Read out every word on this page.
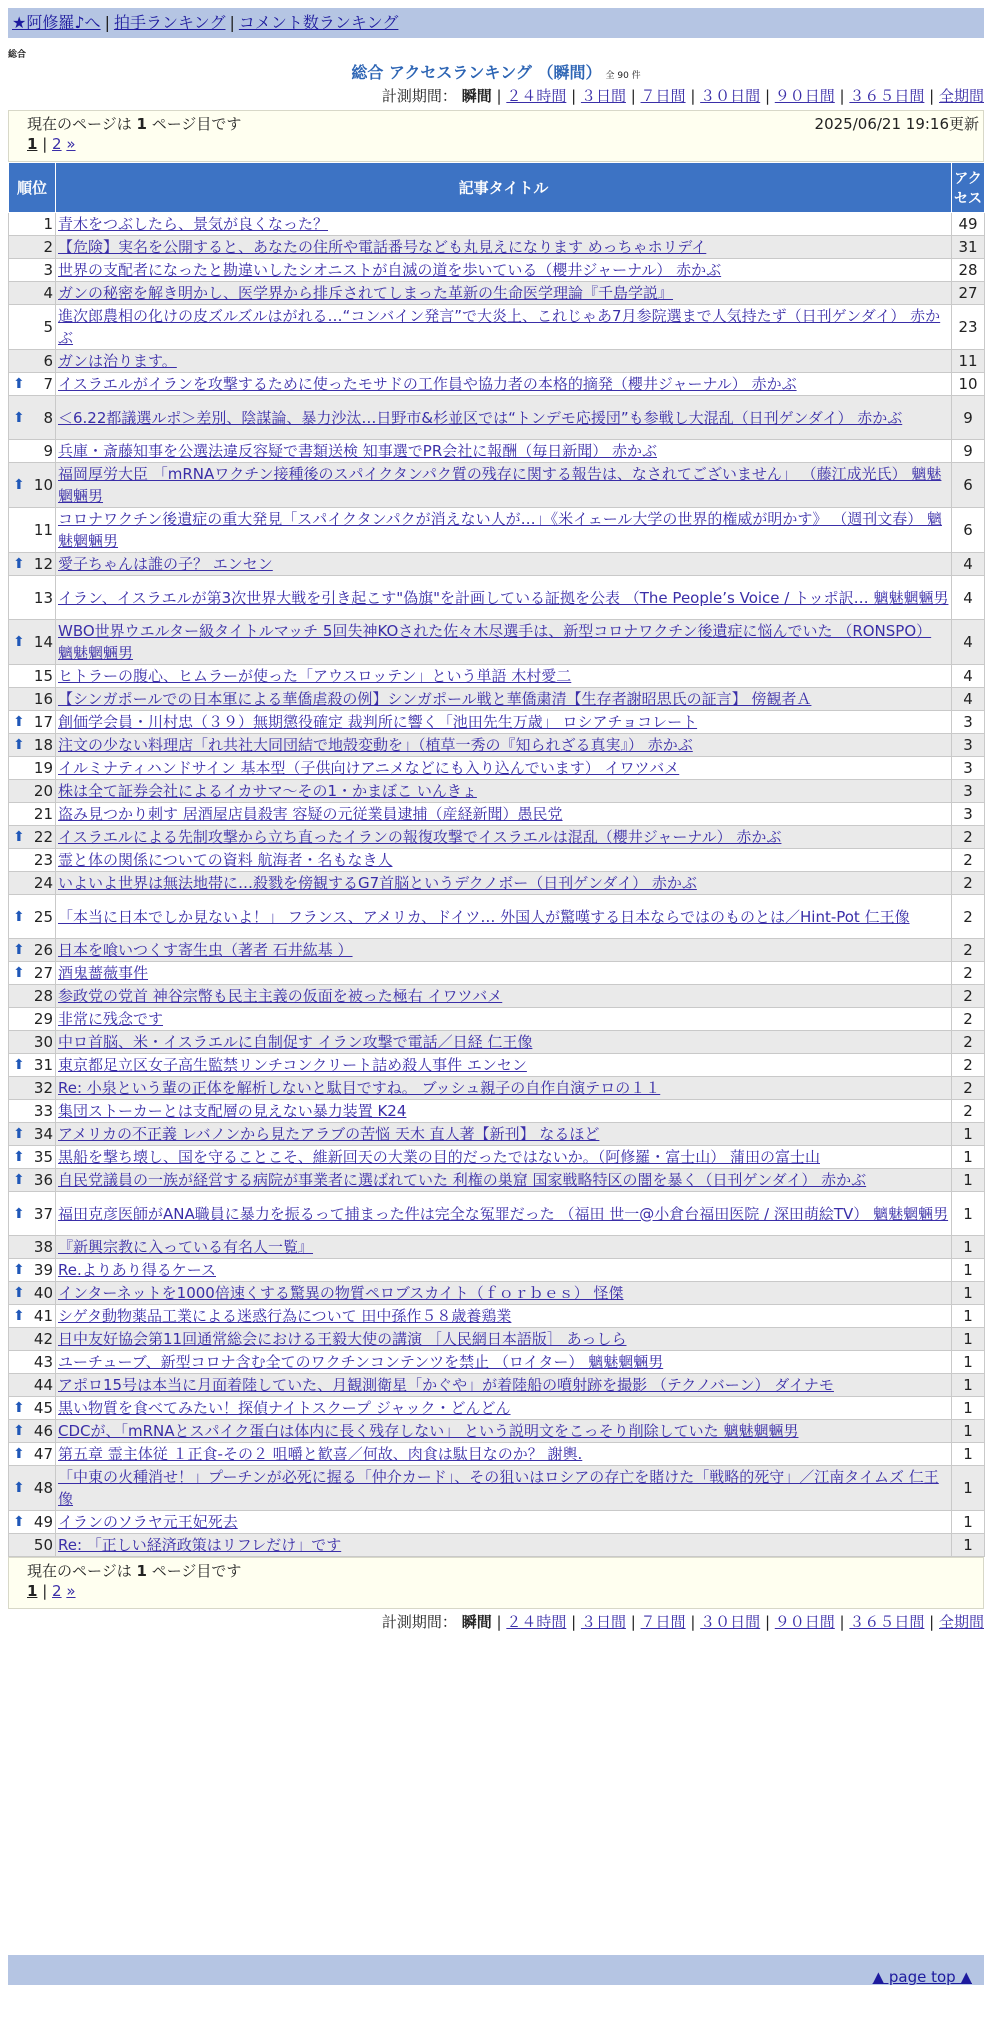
★阿修羅♪へ | 拍手ランキング | コメント数ランキング
総合
総合 アクセスランキング （瞬間） 全 90 件
計測期間： 瞬間 | ２４時間 | ３日間 | ７日間 | ３０日間 | ９０日間 | ３６５日間 | 全期間
現在のページは 1 ページ目です	2025/06/21 19:16更新
1 | 2 »
順位	記事タイトル	アクセス
1	青木をつぶしたら、景気が良くなった？	49
2	【危険】実名を公開すると、あなたの住所や電話番号なども丸見えになります めっちゃホリデイ	31
3	世界の支配者になったと勘違いしたシオニストが自滅の道を歩いている（櫻井ジャーナル） 赤かぶ	28
4	ガンの秘密を解き明かし、医学界から排斥されてしまった革新の生命医学理論『千島学説』	27
5	進次郎農相の化けの皮ズルズルはがれる…“コンバイン発言”で大炎上、これじゃあ7月参院選まで人気持たず（日刊ゲンダイ） 赤かぶ	23
6	ガンは治ります。	11

⬆ 7	イスラエルがイランを攻撃するために使ったモサドの工作員や協力者の本格的摘発（櫻井ジャーナル） 赤かぶ	10

⬆ 8	＜6.22都議選ルポ＞差別、陰謀論、暴力沙汰…日野市&杉並区では“トンデモ応援団”も参戦し大混乱（日刊ゲンダイ） 赤かぶ	9
9	兵庫・斎藤知事を公選法違反容疑で書類送検 知事選でPR会社に報酬（毎日新聞） 赤かぶ	9

⬆ 10	福岡厚労大臣 「mRNAワクチン接種後のスパイクタンパク質の残存に関する報告は、なされてございません」 （藤江成光氏） 魑魅魍魎男	6
11	コロナワクチン後遺症の重大発見「スパイクタンパクが消えない人が…」《米イェール大学の世界的権威が明かす》 （週刊文春） 魑魅魍魎男	6

⬆ 12	愛子ちゃんは誰の子？ エンセン	4
13	イラン、イスラエルが第3次世界大戦を引き起こす"偽旗"を計画している証拠を公表 （The People’s Voice / トッポ訳… 魑魅魍魎男	4

⬆ 14	WBO世界ウエルター級タイトルマッチ 5回失神KOされた佐々木尽選手は、新型コロナワクチン後遺症に悩んでいた （RONSPO） 魑魅魍魎男	4
15	ヒトラーの腹心、ヒムラーが使った「アウスロッテン」という単語 木村愛二	4
16	【シンガポールでの日本軍による華僑虐殺の例】シンガポール戦と華僑粛清【生存者謝昭思氏の証言】 傍観者Ａ	4

⬆ 17	創価学会員・川村忠（３９）無期懲役確定 裁判所に響く「池田先生万歳」 ロシアチョコレート	3

⬆ 18	注文の少ない料理店「れ共社大同団結で地殻変動を」（植草一秀の『知られざる真実』） 赤かぶ	3
19	イルミナティハンドサイン 基本型（子供向けアニメなどにも入り込んでいます） イワツバメ	3
20	株は全て証券会社によるイカサマ〜その1・かまぼこ いんきょ	3
21	盗み見つかり刺す 居酒屋店員殺害 容疑の元従業員逮捕（産経新聞）愚民党	3

⬆ 22	イスラエルによる先制攻撃から立ち直ったイランの報復攻撃でイスラエルは混乱（櫻井ジャーナル） 赤かぶ	2
23	霊と体の関係についての資料 航海者・名もなき人	2
24	いよいよ世界は無法地帯に…殺戮を傍観するG7首脳というデクノボー（日刊ゲンダイ） 赤かぶ	2

⬆ 25	「本当に日本でしか見ないよ！」 フランス、アメリカ、ドイツ… 外国人が驚嘆する日本ならではのものとは／Hint-Pot 仁王像	2

⬆ 26	日本を喰いつくす寄生虫（著者 石井紘基 ）	2

⬆ 27	酒鬼薔薇事件	2
28	参政党の党首 神谷宗幣も民主主義の仮面を被った極右 イワツバメ	2
29	非常に残念です	2
30	中ロ首脳、米・イスラエルに自制促す イラン攻撃で電話／日経 仁王像	2

⬆ 31	東京都足立区女子高生監禁リンチコンクリート詰め殺人事件 エンセン	2
32	Re: 小泉という輩の正体を解析しないと駄目ですね。 ブッシュ親子の自作自演テロの１１	2
33	集団ストーカーとは支配層の見えない暴力装置 K24	2

⬆ 34	アメリカの不正義 レバノンから見たアラブの苦悩 天木 直人著【新刊】 なるほど	1

⬆ 35	黒船を撃ち壊し、国を守ることこそ、維新回天の大業の目的だったではないか。（阿修羅・富士山） 蒲田の富士山	1

⬆ 36	自民党議員の一族が経営する病院が事業者に選ばれていた 利権の巣窟 国家戦略特区の闇を暴く（日刊ゲンダイ） 赤かぶ	1

⬆ 37	福田克彦医師がANA職員に暴力を振るって捕まった件は完全な冤罪だった （福田 世一@小倉台福田医院 / 深田萌絵TV） 魑魅魍魎男	1
38	『新興宗教に入っている有名人一覧』	1

⬆ 39	Re.よりあり得るケース	1

⬆ 40	インターネットを1000倍速くする驚異の物質ペロブスカイト（ｆｏｒｂｅｓ） 怪傑	1

⬆ 41	シゲタ動物薬品工業による迷惑行為について 田中孫作５８歳養鶏業	1
42	日中友好協会第11回通常総会における王毅大使の講演 ［人民網日本語版］ あっしら	1
43	ユーチューブ、新型コロナ含む全てのワクチンコンテンツを禁止 （ロイター） 魑魅魍魎男	1
44	アポロ15号は本当に月面着陸していた、月観測衛星「かぐや」が着陸船の噴射跡を撮影 （テクノバーン） ダイナモ	1

⬆ 45	黒い物質を食べてみたい！探偵ナイトスクープ ジャック・どんどん	1

⬆ 46	CDCが、「mRNAとスパイク蛋白は体内に長く残存しない」 という説明文をこっそり削除していた 魑魅魍魎男	1

⬆ 47	第五章 霊主体従 １正食-その２ 咀嚼と歓喜／何故、肉食は駄目なのか？ 謝輿.	1

⬆ 48	「中東の火種消せ！」プーチンが必死に握る「仲介カード」、その狙いはロシアの存亡を賭けた「戦略的死守」／江南タイムズ 仁王像	1

⬆ 49	イランのソラヤ元王妃死去	1
50	Re: 「正しい経済政策はリフレだけ」です	1
現在のページは 1 ページ目です
1 | 2 »
計測期間： 瞬間 | ２４時間 | ３日間 | ７日間 | ３０日間 | ９０日間 | ３６５日間 | 全期間
▲ page top ▲
